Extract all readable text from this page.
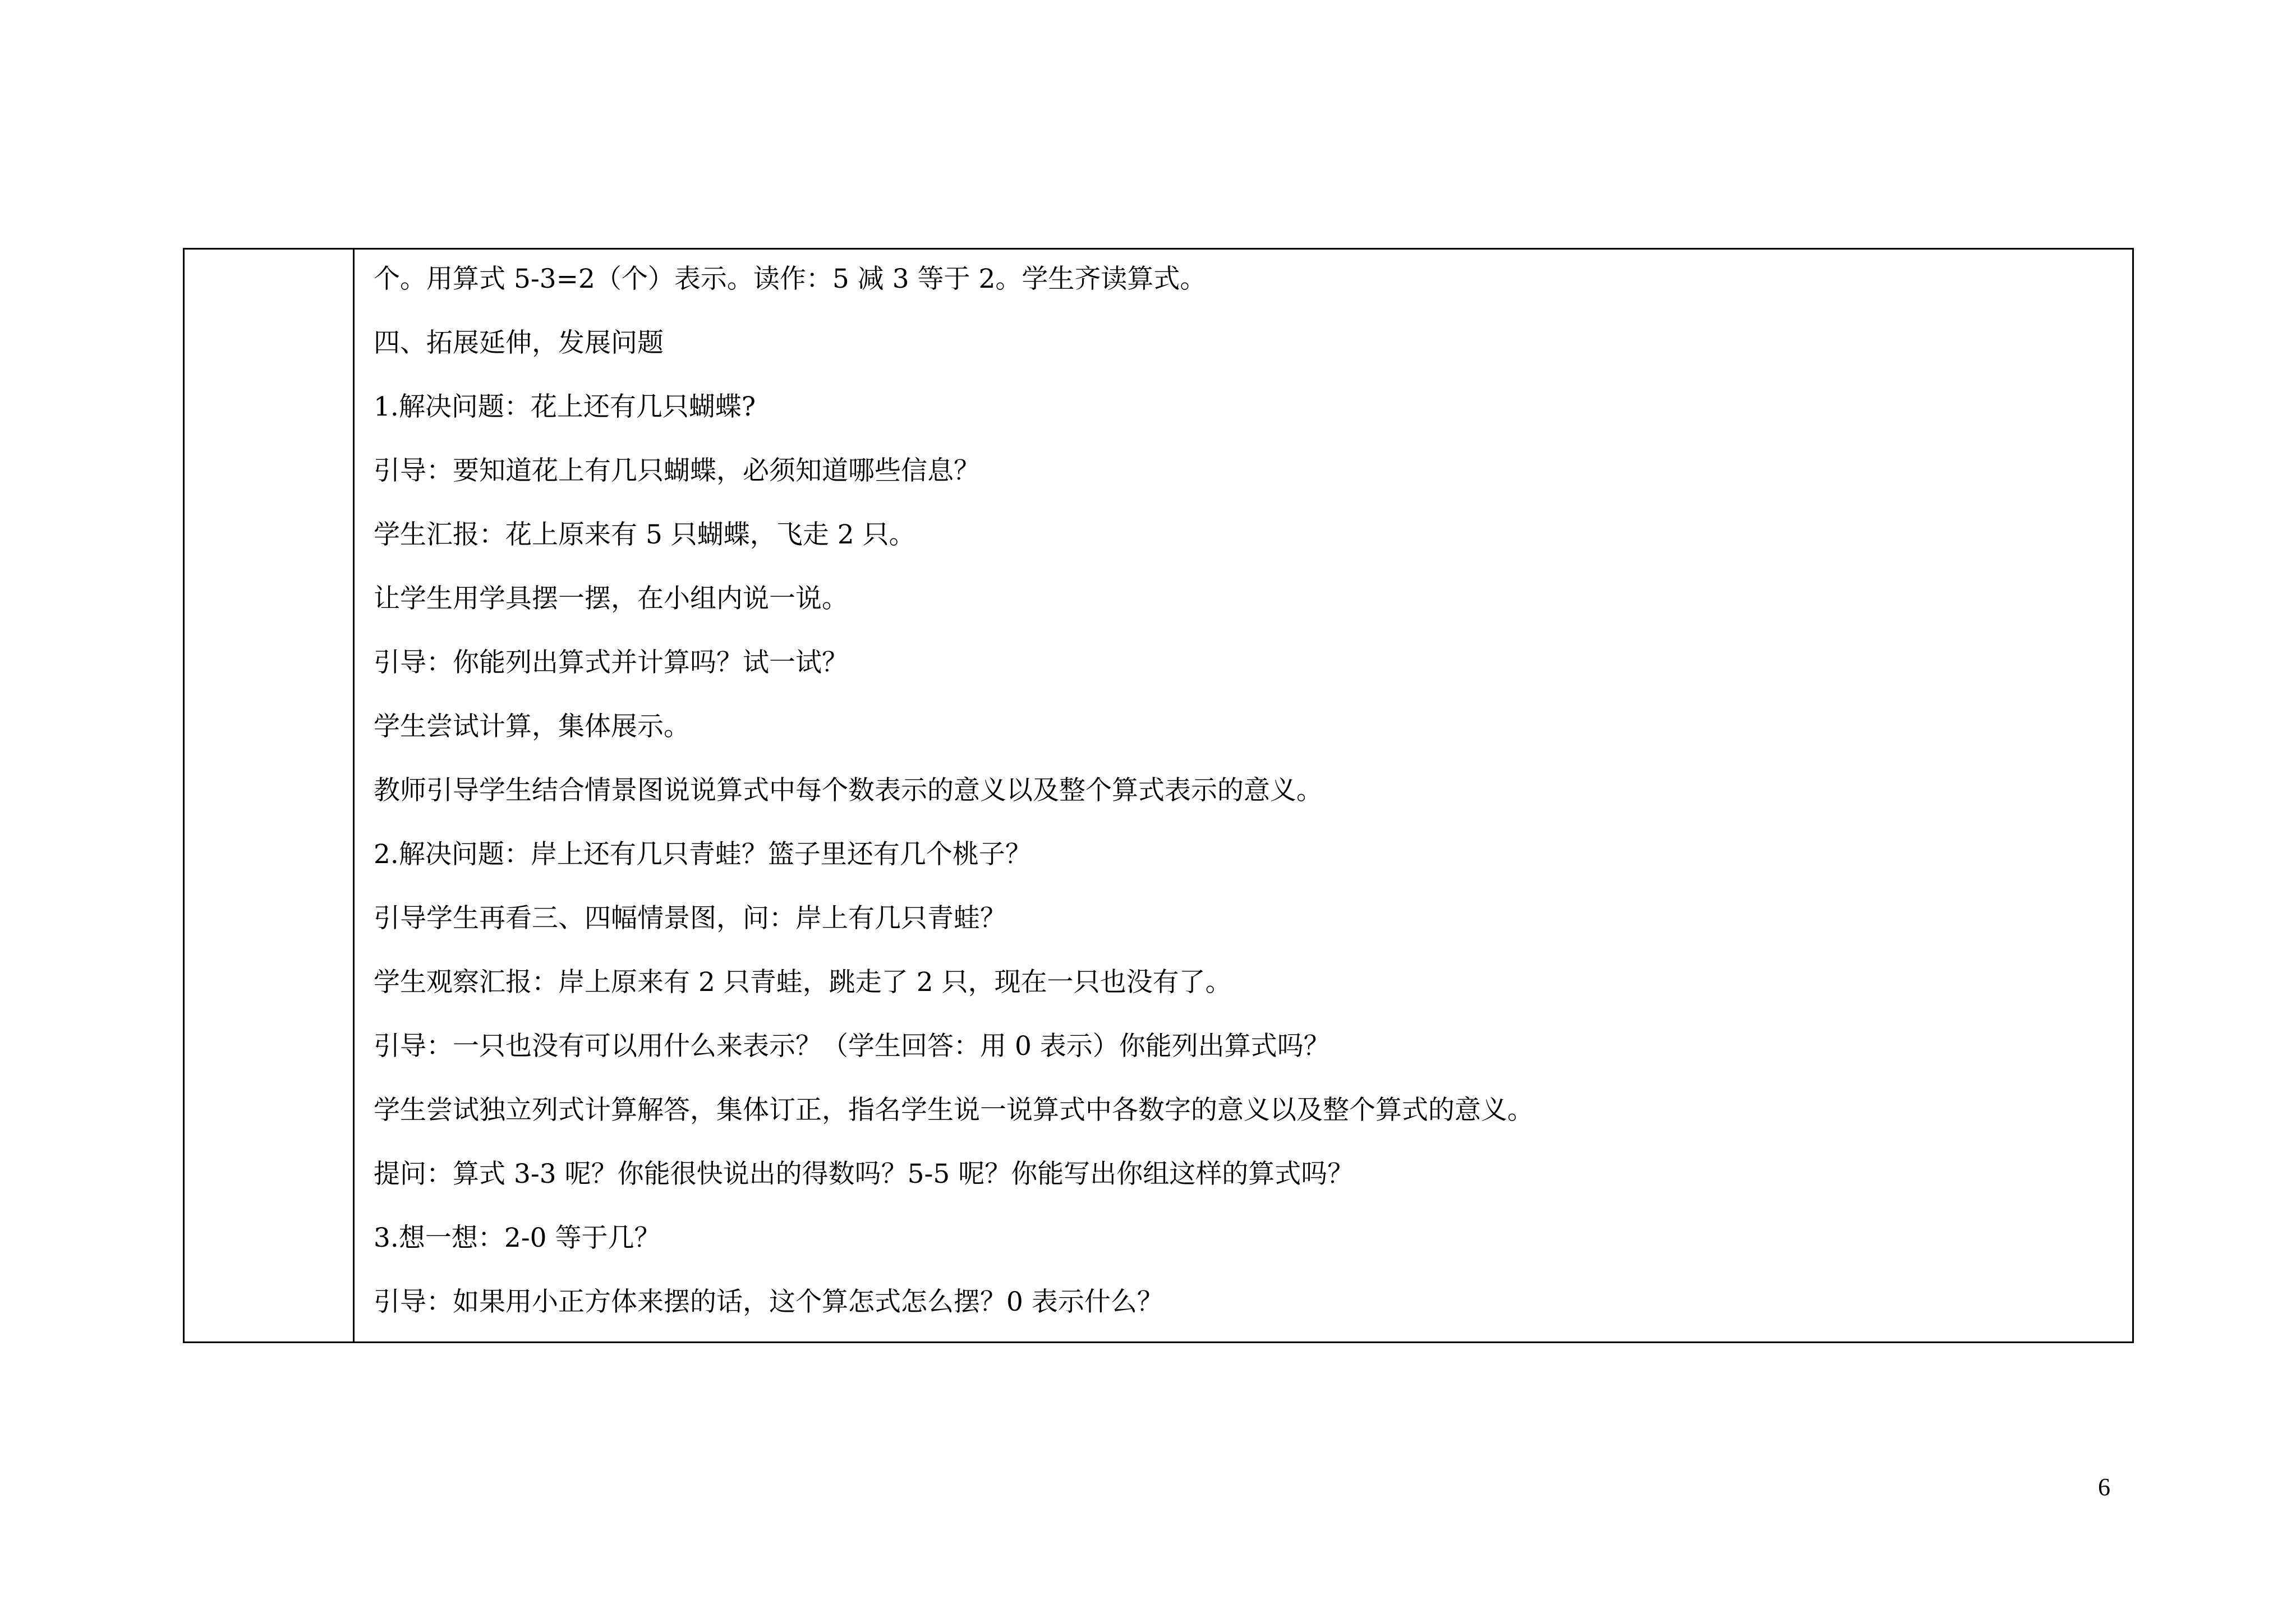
个。用算式 5-3=2（个）表示。读作：5 减 3 等于 2。学生齐读算式。
四、拓展延伸，发展问题
1.解决问题：花上还有几只蝴蝶?
引导：要知道花上有几只蝴蝶，必须知道哪些信息？
学生汇报：花上原来有 5 只蝴蝶，飞走 2 只。
让学生用学具摆一摆，在小组内说一说。
引导：你能列出算式并计算吗？试一试？
学生尝试计算，集体展示。
教师引导学生结合情景图说说算式中每个数表示的意义以及整个算式表示的意义。
2.解决问题：岸上还有几只青蛙？篮子里还有几个桃子？
引导学生再看三、四幅情景图，问：岸上有几只青蛙？
学生观察汇报：岸上原来有 2 只青蛙，跳走了 2 只，现在一只也没有了。
引导：一只也没有可以用什么来表示？（学生回答：用 0 表示）你能列出算式吗？
学生尝试独立列式计算解答，集体订正，指名学生说一说算式中各数字的意义以及整个算式的意义。
提问：算式 3-3 呢？你能很快说出的得数吗？5-5 呢？你能写出你组这样的算式吗？
3.想一想：2-0 等于几？
引导：如果用小正方体来摆的话，这个算怎式怎么摆？0 表示什么？
6
